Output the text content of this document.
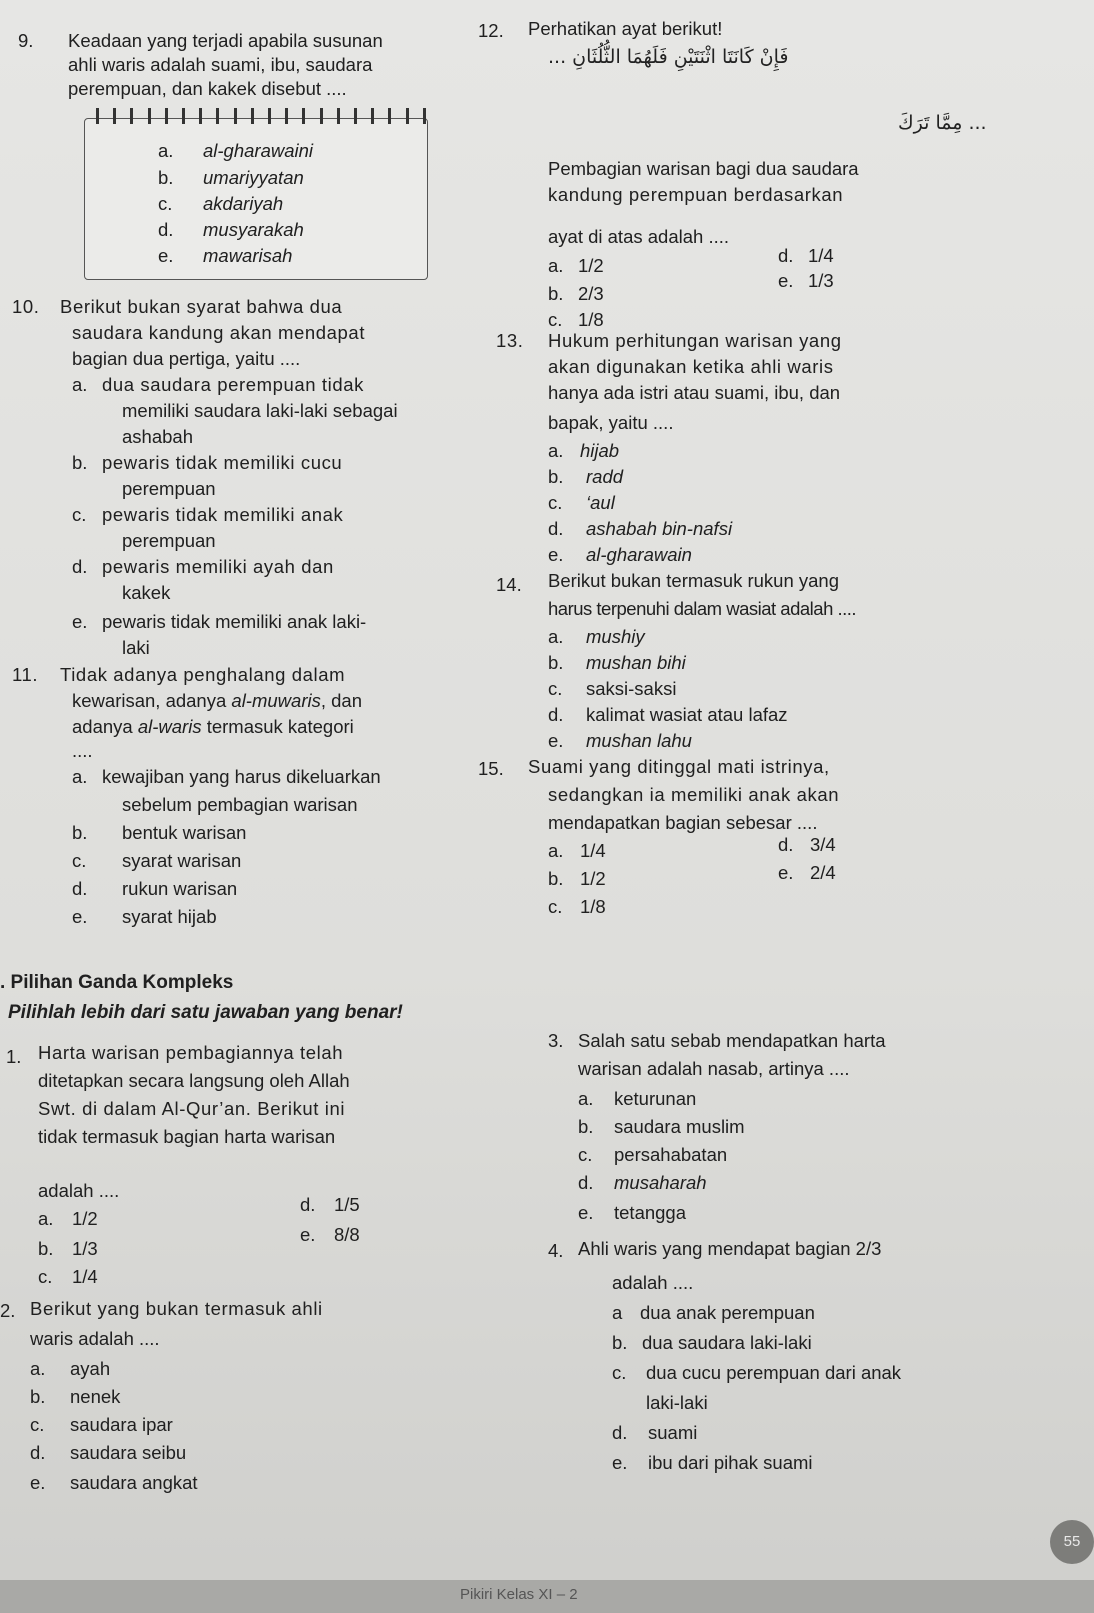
9. Keadaan yang terjadi apabila susunan
ahli waris adalah suami, ibu, saudara
perempuan, dan kakek disebut ....
a. al-gharawaini
b. umariyyatan
c. akdariyah
d. musyarakah
e. mawarisah
10. Berikut bukan syarat bahwa dua
saudara kandung akan mendapat
bagian dua pertiga, yaitu ....
a. dua saudara perempuan tidak
memiliki saudara laki-laki sebagai
ashabah
b. pewaris tidak memiliki cucu
perempuan
c. pewaris tidak memiliki anak
perempuan
d. pewaris memiliki ayah dan
kakek
e. pewaris tidak memiliki anak laki-
laki
11. Tidak adanya penghalang dalam
kewarisan, adanya al-muwaris, dan
adanya al-waris termasuk kategori
....
a. kewajiban yang harus dikeluarkan
sebelum pembagian warisan
b. bentuk warisan
c. syarat warisan
d. rukun warisan
e. syarat hijab
12. Perhatikan ayat berikut!
فَإِنْ كَانَتَا اثْنَتَيْنِ فَلَهُمَا الثُّلُثَانِ ...
... مِمَّا تَرَكَ
Pembagian warisan bagi dua saudara
kandung perempuan berdasarkan
ayat di atas adalah ....
a. 1/2
b. 2/3
c. 1/8
d. 1/4
e. 1/3
13. Hukum perhitungan warisan yang
akan digunakan ketika ahli waris
hanya ada istri atau suami, ibu, dan
bapak, yaitu ....
a. hijab
b. radd
c. ‘aul
d. ashabah bin-nafsi
e. al-gharawain
14. Berikut bukan termasuk rukun yang
harus terpenuhi dalam wasiat adalah ....
a. mushiy
b. mushan bihi
c. saksi-saksi
d. kalimat wasiat atau lafaz
e. mushan lahu
15. Suami yang ditinggal mati istrinya,
sedangkan ia memiliki anak akan
mendapatkan bagian sebesar ....
a. 1/4
b. 1/2
c. 1/8
d. 3/4
e. 2/4
. Pilihan Ganda Kompleks
Pilihlah lebih dari satu jawaban yang benar!
1. Harta warisan pembagiannya telah
ditetapkan secara langsung oleh Allah
Swt. di dalam Al-Qur’an. Berikut ini
tidak termasuk bagian harta warisan
adalah ....
a. 1/2
b. 1/3
c. 1/4
d. 1/5
e. 8/8
2. Berikut yang bukan termasuk ahli
waris adalah ....
a. ayah
b. nenek
c. saudara ipar
d. saudara seibu
e. saudara angkat
3. Salah satu sebab mendapatkan harta
warisan adalah nasab, artinya ....
a. keturunan
b. saudara muslim
c. persahabatan
d. musaharah
e. tetangga
4. Ahli waris yang mendapat bagian 2/3
adalah ....
a dua anak perempuan
b. dua saudara laki-laki
c. dua cucu perempuan dari anak
laki-laki
d. suami
e. ibu dari pihak suami
55
Pikiri Kelas XI – 2
